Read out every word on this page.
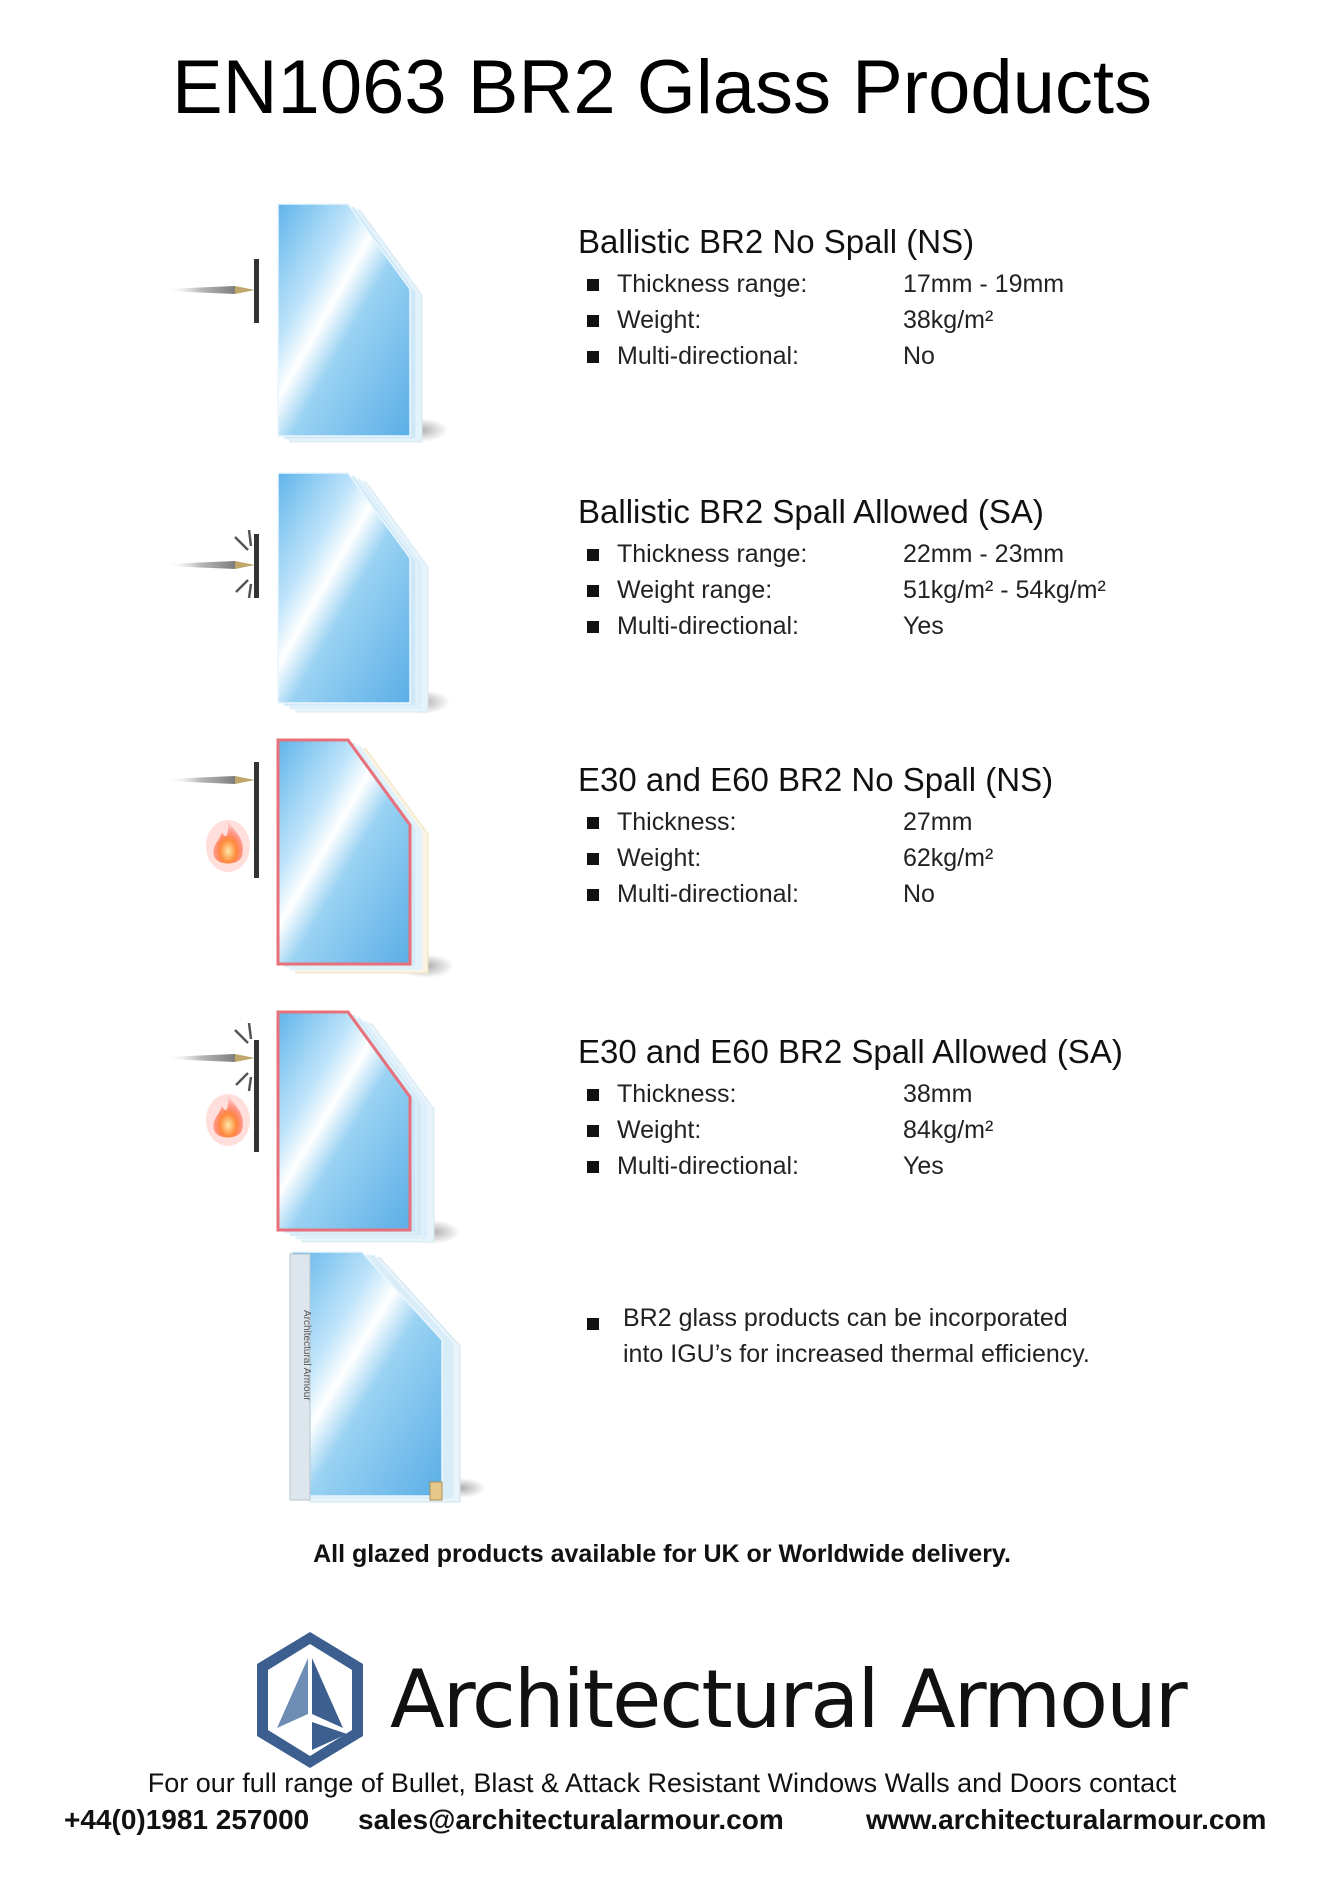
EN1063 BR2 Glass Products
Ballistic BR2 No Spall (NS)
Thickness range:	17mm - 19mm
Weight:	38kg/m²
Multi-directional:	No
Ballistic BR2 Spall Allowed (SA)
Thickness range:	22mm - 23mm
Weight range:	51kg/m² - 54kg/m²
Multi-directional:	Yes
E30 and E60 BR2 No Spall (NS)
Thickness:	27mm
Weight:	62kg/m²
Multi-directional:	No
E30 and E60 BR2 Spall Allowed (SA)
Thickness:	38mm
Weight:	84kg/m²
Multi-directional:	Yes
Architectural Armour	BR2 glass products can be incorporated into IGU’s for increased thermal efficiency.
All glazed products available for UK or Worldwide delivery.
Architectural Armour
For our full range of Bullet, Blast & Attack Resistant Windows Walls and Doors contact
+44(0)1981 257000 sales@architecturalarmour.com	www.architecturalarmour.com
